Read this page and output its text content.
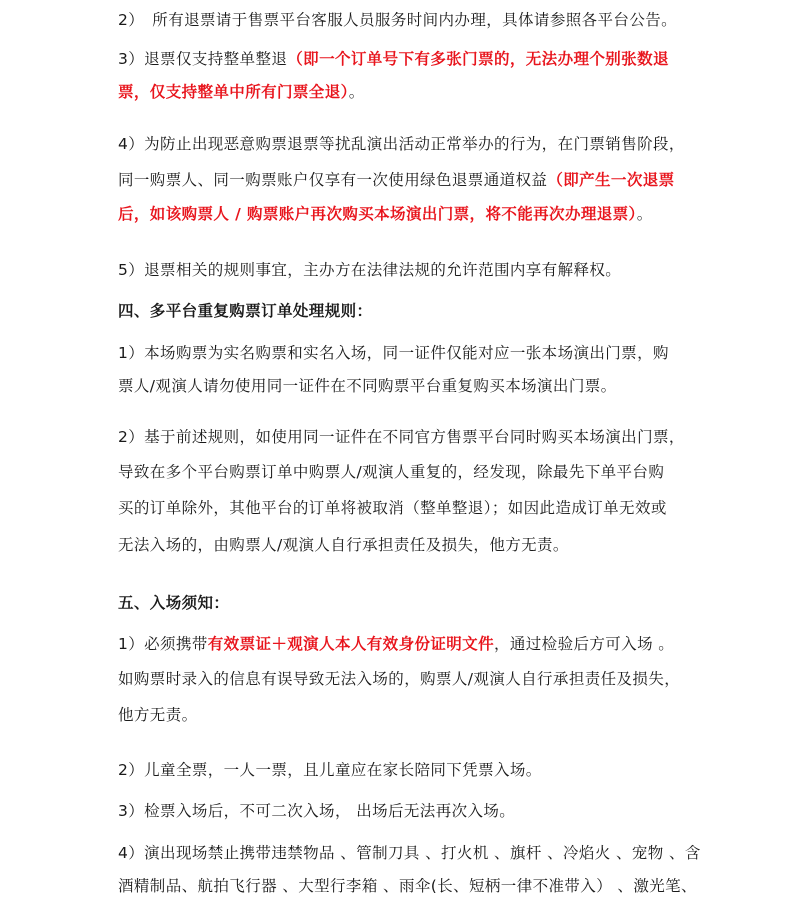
2）　所有退票请于售票平台客服人员服务时间内办理，具体请参照各平台公告。
3）退票仅支持整单整退（即一个订单号下有多张门票的，无法办理个别张数退
票，仅支持整单中所有门票全退）。
4）为防止出现恶意购票退票等扰乱演出活动正常举办的行为，在门票销售阶段，
同一购票人、同一购票账户仅享有一次使用绿色退票通道权益（即产生一次退票
后，如该购票人 / 购票账户再次购买本场演出门票，将不能再次办理退票）。
5）退票相关的规则事宜，主办方在法律法规的允许范围内享有解释权。
四、多平台重复购票订单处理规则：
1）本场购票为实名购票和实名入场，同一证件仅能对应一张本场演出门票，购
票人/观演人请勿使用同一证件在不同购票平台重复购买本场演出门票。
2）基于前述规则，如使用同一证件在不同官方售票平台同时购买本场演出门票，
导致在多个平台购票订单中购票人/观演人重复的，经发现，除最先下单平台购
买的订单除外，其他平台的订单将被取消（整单整退）；如因此造成订单无效或
无法入场的，由购票人/观演人自行承担责任及损失，他方无责。
五、入场须知：
1）必须携带有效票证＋观演人本人有效身份证明文件，通过检验后方可入场 。
如购票时录入的信息有误导致无法入场的，购票人/观演人自行承担责任及损失，
他方无责。
2）儿童全票，一人一票，且儿童应在家长陪同下凭票入场。
3）检票入场后，不可二次入场， 出场后无法再次入场。
4）演出现场禁止携带违禁物品 、管制刀具 、打火机 、旗杆 、冷焰火 、宠物 、含
酒精制品、航拍飞行器 、大型行李箱 、雨伞(长、短柄一律不准带入） 、激光笔、
